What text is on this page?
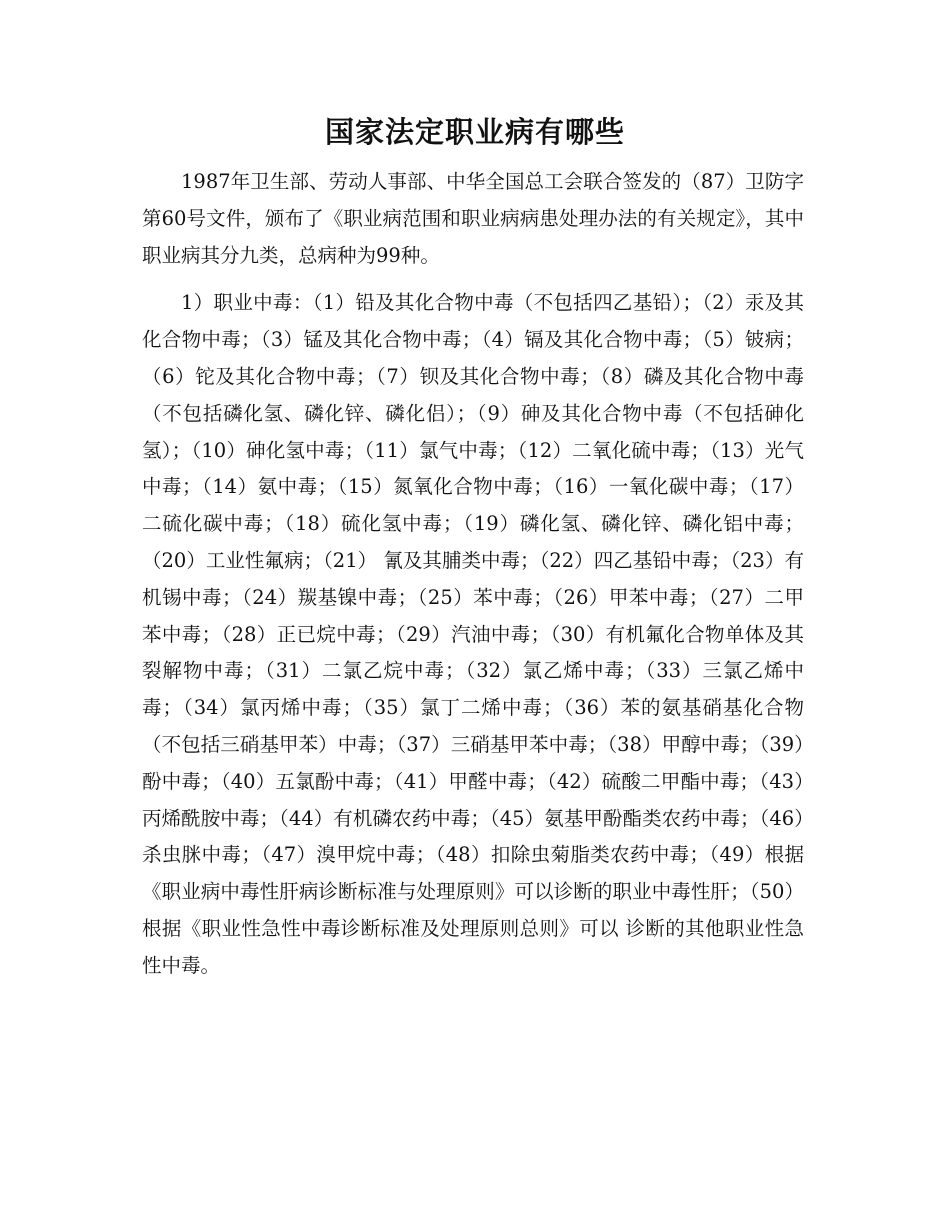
国家法定职业病有哪些

1987年卫生部、劳动人事部、中华全国总工会联合签发的（87）卫防字第60号文件，颁布了《职业病范围和职业病病患处理办法的有关规定》，其中职业病其分九类，总病种为99种。

1）职业中毒：（1）铅及其化合物中毒（不包括四乙基铅）；（2）汞及其化合物中毒；（3）锰及其化合物中毒；（4）镉及其化合物中毒；（5）铍病；（6）铊及其化合物中毒；（7）钡及其化合物中毒；（8）磷及其化合物中毒（不包括磷化氢、磷化锌、磷化侣）；（9）砷及其化合物中毒（不包括砷化氢）；（10）砷化氢中毒；（11）氯气中毒；（12）二氧化硫中毒；（13）光气中毒；（14）氨中毒；（15）氮氧化合物中毒；（16）一氧化碳中毒；（17）二硫化碳中毒；（18）硫化氢中毒；（19）磷化氢、磷化锌、磷化铝中毒；（20）工业性氟病；（21） 氰及其脯类中毒；（22）四乙基铅中毒；（23）有机锡中毒；（24）羰基镍中毒；（25）苯中毒；（26）甲苯中毒；（27）二甲苯中毒；（28）正已烷中毒；（29）汽油中毒；（30）有机氟化合物单体及其裂解物中毒；（31）二氯乙烷中毒；（32）氯乙烯中毒；（33）三氯乙烯中毒；（34）氯丙烯中毒；（35）氯丁二烯中毒；（36）苯的氨基硝基化合物（不包括三硝基甲苯）中毒；（37）三硝基甲苯中毒；（38）甲醇中毒；（39）酚中毒；（40）五氯酚中毒；（41）甲醛中毒；（42）硫酸二甲酯中毒；（43）丙烯酰胺中毒；（44）有机磷农药中毒；（45）氨基甲酚酯类农药中毒；（46）杀虫脒中毒；（47）溴甲烷中毒；（48）扣除虫菊脂类农药中毒；（49）根据《职业病中毒性肝病诊断标准与处理原则》可以诊断的职业中毒性肝；（50）根据《职业性急性中毒诊断标准及处理原则总则》可以 诊断的其他职业性急性中毒。
